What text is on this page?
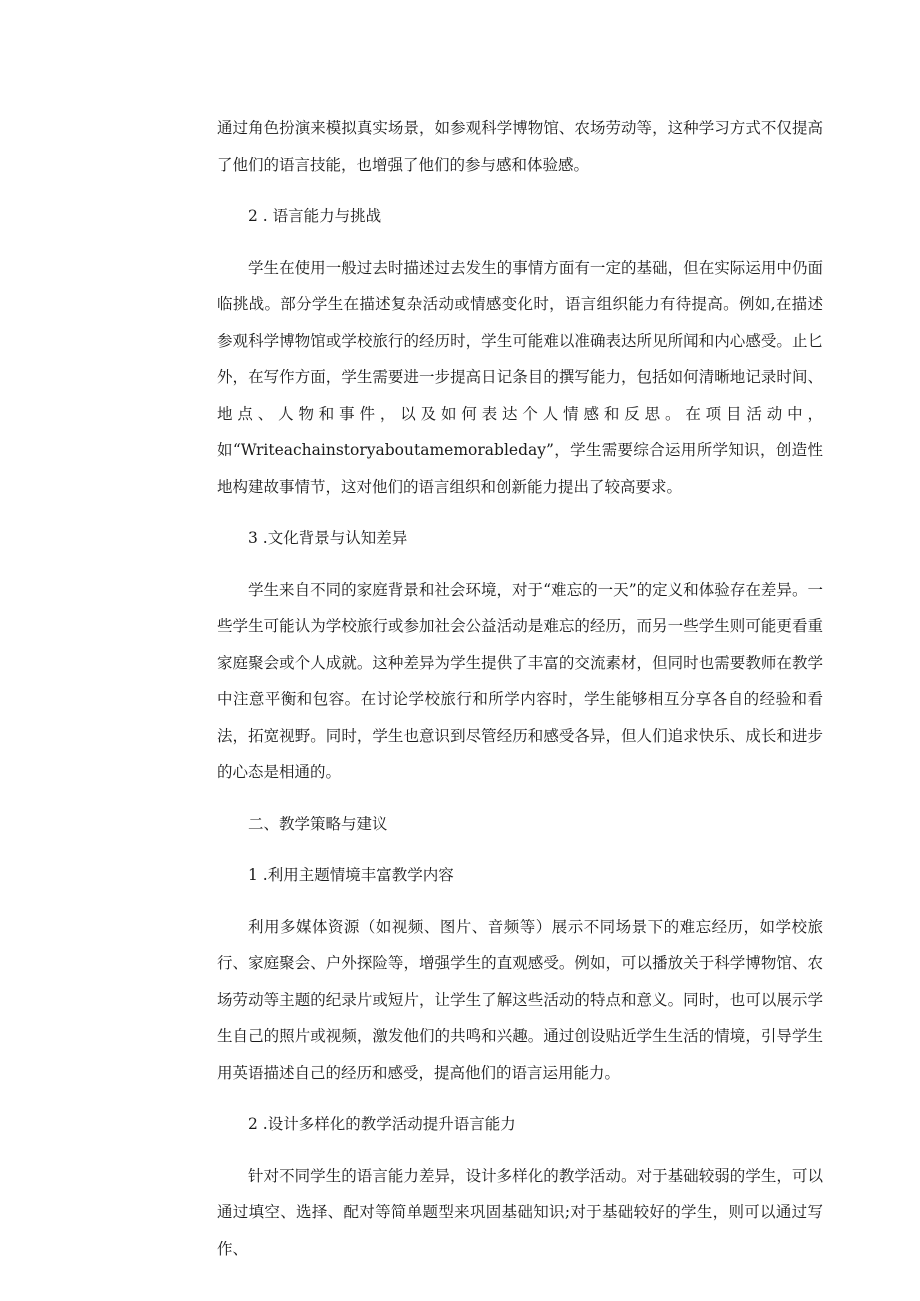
通过角色扮演来模拟真实场景，如参观科学博物馆、农场劳动等，这种学习方式不仅提高了他们的语言技能，也增强了他们的参与感和体验感。

2 . 语言能力与挑战

学生在使用一般过去时描述过去发生的事情方面有一定的基础，但在实际运用中仍面临挑战。部分学生在描述复杂活动或情感变化时，语言组织能力有待提高。例如,在描述参观科学博物馆或学校旅行的经历时，学生可能难以准确表达所见所闻和内心感受。止匕外，在写作方面，学生需要进一步提高日记条目的撰写能力，包括如何清晰地记录时间、地点、人物和事件，以及如何表达个人情感和反思。在项目活动中，如“Writeachainstoryaboutamemorableday”，学生需要综合运用所学知识，创造性地构建故事情节，这对他们的语言组织和创新能力提出了较高要求。

3 .文化背景与认知差异

学生来自不同的家庭背景和社会环境，对于“难忘的一天”的定义和体验存在差异。一些学生可能认为学校旅行或参加社会公益活动是难忘的经历，而另一些学生则可能更看重家庭聚会或个人成就。这种差异为学生提供了丰富的交流素材，但同时也需要教师在教学中注意平衡和包容。在讨论学校旅行和所学内容时，学生能够相互分享各自的经验和看法，拓宽视野。同时，学生也意识到尽管经历和感受各异，但人们追求快乐、成长和进步的心态是相通的。

二、教学策略与建议

1 .利用主题情境丰富教学内容

利用多媒体资源（如视频、图片、音频等）展示不同场景下的难忘经历，如学校旅行、家庭聚会、户外探险等，增强学生的直观感受。例如，可以播放关于科学博物馆、农场劳动等主题的纪录片或短片，让学生了解这些活动的特点和意义。同时，也可以展示学生自己的照片或视频，激发他们的共鸣和兴趣。通过创设贴近学生生活的情境，引导学生用英语描述自己的经历和感受，提高他们的语言运用能力。

2 .设计多样化的教学活动提升语言能力

针对不同学生的语言能力差异，设计多样化的教学活动。对于基础较弱的学生，可以通过填空、选择、配对等简单题型来巩固基础知识;对于基础较好的学生，则可以通过写作、
